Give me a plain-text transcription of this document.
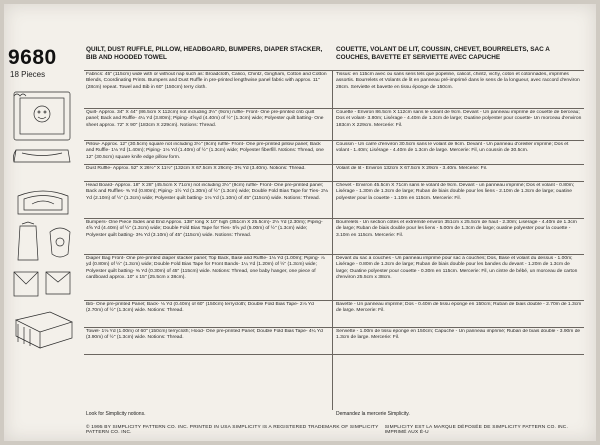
9680
18 Pieces
QUILT, DUST RUFFLE, PILLOW, HEADBOARD, BUMPERS, DIAPER STACKER, BIB AND HOODED TOWEL
COUETTE, VOLANT DE LIT, COUSSIN, CHEVET, BOURRELETS, SAC A COUCHES, BAVETTE ET SERVIETTE AVEC CAPUCHE
Fabrics: 45" (115cm) wide with or without nap such as: Broadcloth, Calico, Chintz, Gingham, Cotton and Cotton Blends, Coordinating Prints. Bumpers and Dust Ruffle in pre-printed lengthwise panel fabric with approx. 11" (28cm) repeat. Towel and Bib in 60" (150cm) terry cloth.
Tissus: en 115cm avec ou sans sens tels que popeline, calicot, chintz, vichy, coton et cotonnades, imprimés assortis. Bourrelets et Volants de lit en panneau pré-imprimé dans le sens de la longueur, avec raccord d'environ 28cm. Serviette et bavette en tissu éponge de 150cm.
Quilt- Approx. 34" X 44" (86.5cm X 112cm) not including 3½" (9cm) ruffle- Front- One pre-printed crib quilt panel; Back and Ruffle- 4¼ Yd (3.80m); Piping- 4⅝yd (4.40m) of ½" (1.3cm) wide; Polyester quilt batting- One sheet approx. 72" X 90" (183cm X 229cm). Notions: Thread.
Couette - Environ 86.5cm X 112cm sans le volant de 9cm. Devant - Un panneau imprimé de couette de berceau; Dos et volant- 3.80m; Lisérage - 4.40m de 1.3cm de large; Ouatine polyester pour couette- Un morceau d'environ 183cm X 229cm. Mercerie: Fil.
Pillow- Approx. 12" (30.5cm) square not including 3½" (9cm) ruffle- Front- One pre-printed pillow panel; Back and Ruffle- 1⅛ Yd (1.40m); Piping- 1⅛ Yd (1.40m) of ½" (1.3cm) wide; Polyester fiberfill. Notions: Thread, one 12" (30.5cm) square knife edge pillow form.
Coussin - Un carré d'environ 30.5cm sans le volant de 9cm. Devant - Un panneau d'oreiller imprimé; Dos et volant - 1.40m; Lisérage - 4.40m de 1.3cm de large. Mercerie: Fil, un coussin de 30.5cm.
Dust Ruffle- Approx. 52" X 26½" X 11½" (132cm X 67.5cm X 29cm)- 3¾ Yd (3.40m). Notions: Thread.	Volant de lit - Environ 132cm X 67.5cm X 29cm - 3.40m. Mercerie: Fil.
Head Board- Approx. 18" X 28" (45.5cm X 71cm) not including 3½" (9cm) ruffle- Front- One pre-printed panel; Back and Ruffles- ⅜ Yd (0.80m); Piping- 1½ Yd (1.30m) of ½" (1.3cm) wide; Double Fold Bias Tape for Ties- 2⅛ Yd (2.10m) of ½" (1.3cm) wide; Polyester quilt batting- 1⅛ Yd (1.10m) of 45" (115cm) wide. Notions: Thread.
Chevet - Environ 45.5cm X 71cm sans le volant de 9cm. Devant - un panneau imprimé; Dos et volant - 0.80m; Lisérage - 1.30m de 1.3cm de large; Ruban de biais double pour les liens - 2.10m de 1.3cm de large; ouatine polyester pour la couette - 1.10m en 115cm. Mercerie: Fil.
Bumpers- One Piece Sides and End Approx. 138" long X 10" high (351cm X 25.5cm)- 2½ Yd (2.30m); Piping- 4⅝ Yd (4.40m) of ½" (1.3cm) wide; Double Fold Bias Tape for Ties- 5⅝ yd (5.00m) of ½" (1.3cm) wide; Polyester quilt batting- 3⅜ Yd (3.10m) of 45" (115cm) wide. Notions: Thread.
Bourrelets - Un section côtés et extrémité environ 351cm x 25.5cm de haut - 2.30m; Lisérage - 4.40m de 1.3cm de large; Ruban de biais double pour les liens - 5.00m de 1.3cm de large; ouatine polyester pour la couette - 3.10m en 115cm. Mercerie: Fil.
Diaper Bag Front- One pre-printed diaper stacker panel; Top Back, Base and Ruffle- 1⅛ Yd (1.00m); Piping- ⅞ yd (0.80m) of ½" (1.3cm) wide; Double Fold Bias Tape for Front Bands- 1¼ Yd (1.20m) of ½" (1.3cm) wide; Polyester quilt batting- ⅜ Yd (0.30m) of 45" (115cm) wide. Notions: Thread, one baby hanger, one piece of cardboard approx. 10" x 15" (25.5cm x 38cm).
Devant du sac à couches - Un panneau imprimé pour sac à couches; Dos, Base et volant du dessus - 1.00m; Lisérage - 0.80m de 1.3cm de large; Ruban de biais double pour les bandes du devant - 1.20m de 1.3cm de large; Ouatine polyester pour couette - 0.30m en 115cm. Mercerie: Fil, un cintre de bébé, un morceau de carton d'environ 25.5cm x 38cm.
Bib- One pre-printed Panel; Back- ⅛ Yd (0.40m) of 60" (150cm) terrycloth; Double Fold Bias Tape- 2⅞ Yd (2.70m) of ½" (1.3cm) wide. Notions: Thread.
Bavette - Un panneau imprimé; Dos - 0.40m de tissu éponge en 150cm; Ruban de biais double - 2.70m de 1.3cm de large. Mercerie: Fil.
Towel- 1⅛ Yd (1.00m) of 60" (150cm) terrycloth; Hood- One pre-printed Panel; Double Fold Bias Tape- 4¼ Yd (3.90m) of ½" (1.3cm) wide. Notions: Thread.
Serviette - 1.00m de tissu éponge en 150cm; Capuche - Un panneau imprimé; Ruban de biais double - 3.90m de 1.3cm de large. Mercerie: Fil.
Look for Simplicity notions.	Demandez la mercerie Simplicity.
© 1995 BY SIMPLICITY PATTERN CO. INC. PRINTED IN USA SIMPLICITY IS A REGISTERED TRADEMARK OF SIMPLICITY PATTERN CO. INC.
SIMPLICITY EST LA MARQUE DÉPOSÉE DE SIMPLICITY PATTERN CO. INC. IMPRIMÉ AUX É-U
